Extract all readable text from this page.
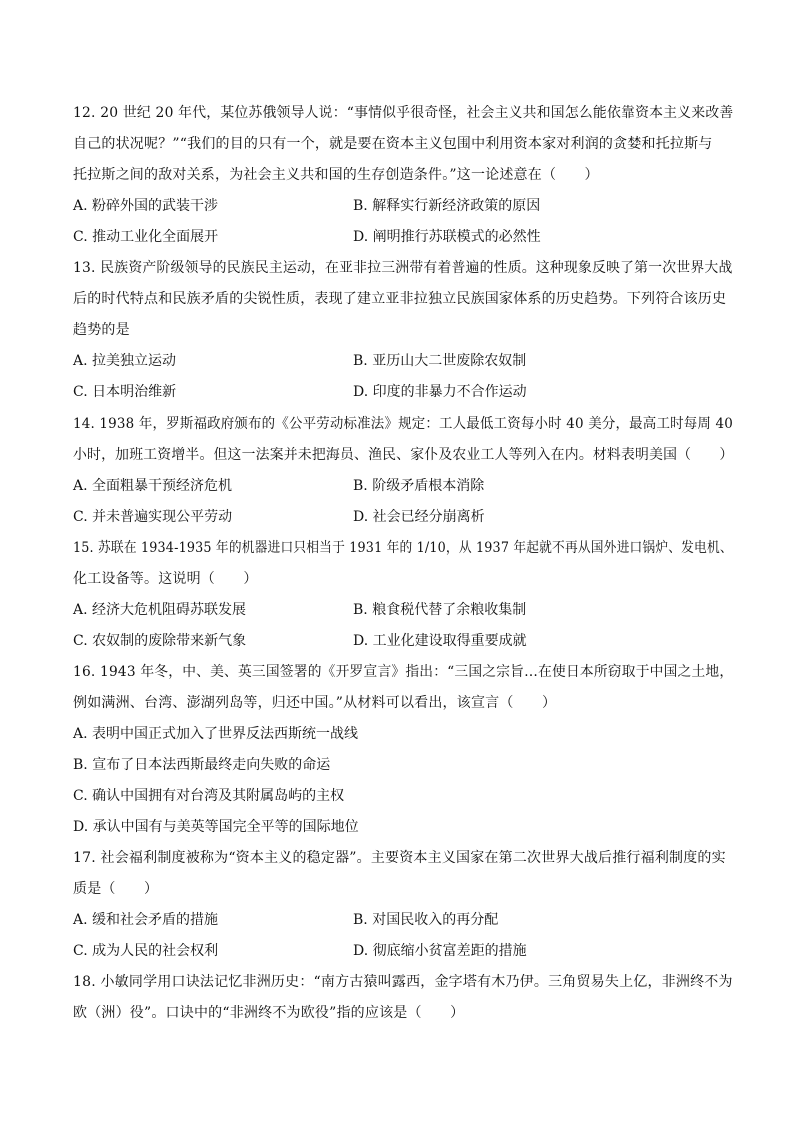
12. 20 世纪 20 年代，某位苏俄领导人说：“事情似乎很奇怪，社会主义共和国怎么能依靠资本主义来改善
自己的状况呢？”“我们的目的只有一个，就是要在资本主义包围中利用资本家对利润的贪婪和托拉斯与
托拉斯之间的敌对关系，为社会主义共和国的生存创造条件。”这一论述意在（　　）
A. 粉碎外国的武装干涉	B. 解释实行新经济政策的原因
C. 推动工业化全面展开	D. 阐明推行苏联模式的必然性
13. 民族资产阶级领导的民族民主运动，在亚非拉三洲带有着普遍的性质。这种现象反映了第一次世界大战
后的时代特点和民族矛盾的尖锐性质，表现了建立亚非拉独立民族国家体系的历史趋势。下列符合该历史
趋势的是
A. 拉美独立运动	B. 亚历山大二世废除农奴制
C. 日本明治维新	D. 印度的非暴力不合作运动
14. 1938 年，罗斯福政府颁布的《公平劳动标准法》规定：工人最低工资每小时 40 美分，最高工时每周 40
小时，加班工资增半。但这一法案并未把海员、渔民、家仆及农业工人等列入在内。材料表明美国（　　）
A. 全面粗暴干预经济危机	B. 阶级矛盾根本消除
C. 并未普遍实现公平劳动	D. 社会已经分崩离析
15. 苏联在 1934-1935 年的机器进口只相当于 1931 年的 1/10，从 1937 年起就不再从国外进口锅炉、发电机、
化工设备等。这说明（　　）
A. 经济大危机阻碍苏联发展	B. 粮食税代替了余粮收集制
C. 农奴制的废除带来新气象	D. 工业化建设取得重要成就
16. 1943 年冬，中、美、英三国签署的《开罗宣言》指出：“三国之宗旨…在使日本所窃取于中国之土地，
例如满洲、台湾、澎湖列岛等，归还中国。”从材料可以看出，该宣言（　　）
A. 表明中国正式加入了世界反法西斯统一战线
B. 宣布了日本法西斯最终走向失败的命运
C. 确认中国拥有对台湾及其附属岛屿的主权
D. 承认中国有与美英等国完全平等的国际地位
17. 社会福利制度被称为“资本主义的稳定器”。主要资本主义国家在第二次世界大战后推行福利制度的实
质是（　　）
A. 缓和社会矛盾的措施	B. 对国民收入的再分配
C. 成为人民的社会权利	D. 彻底缩小贫富差距的措施
18. 小敏同学用口诀法记忆非洲历史：“南方古猿叫露西，金字塔有木乃伊。三角贸易失上亿，非洲终不为
欧（洲）役”。口诀中的“非洲终不为欧役”指的应该是（　　）
